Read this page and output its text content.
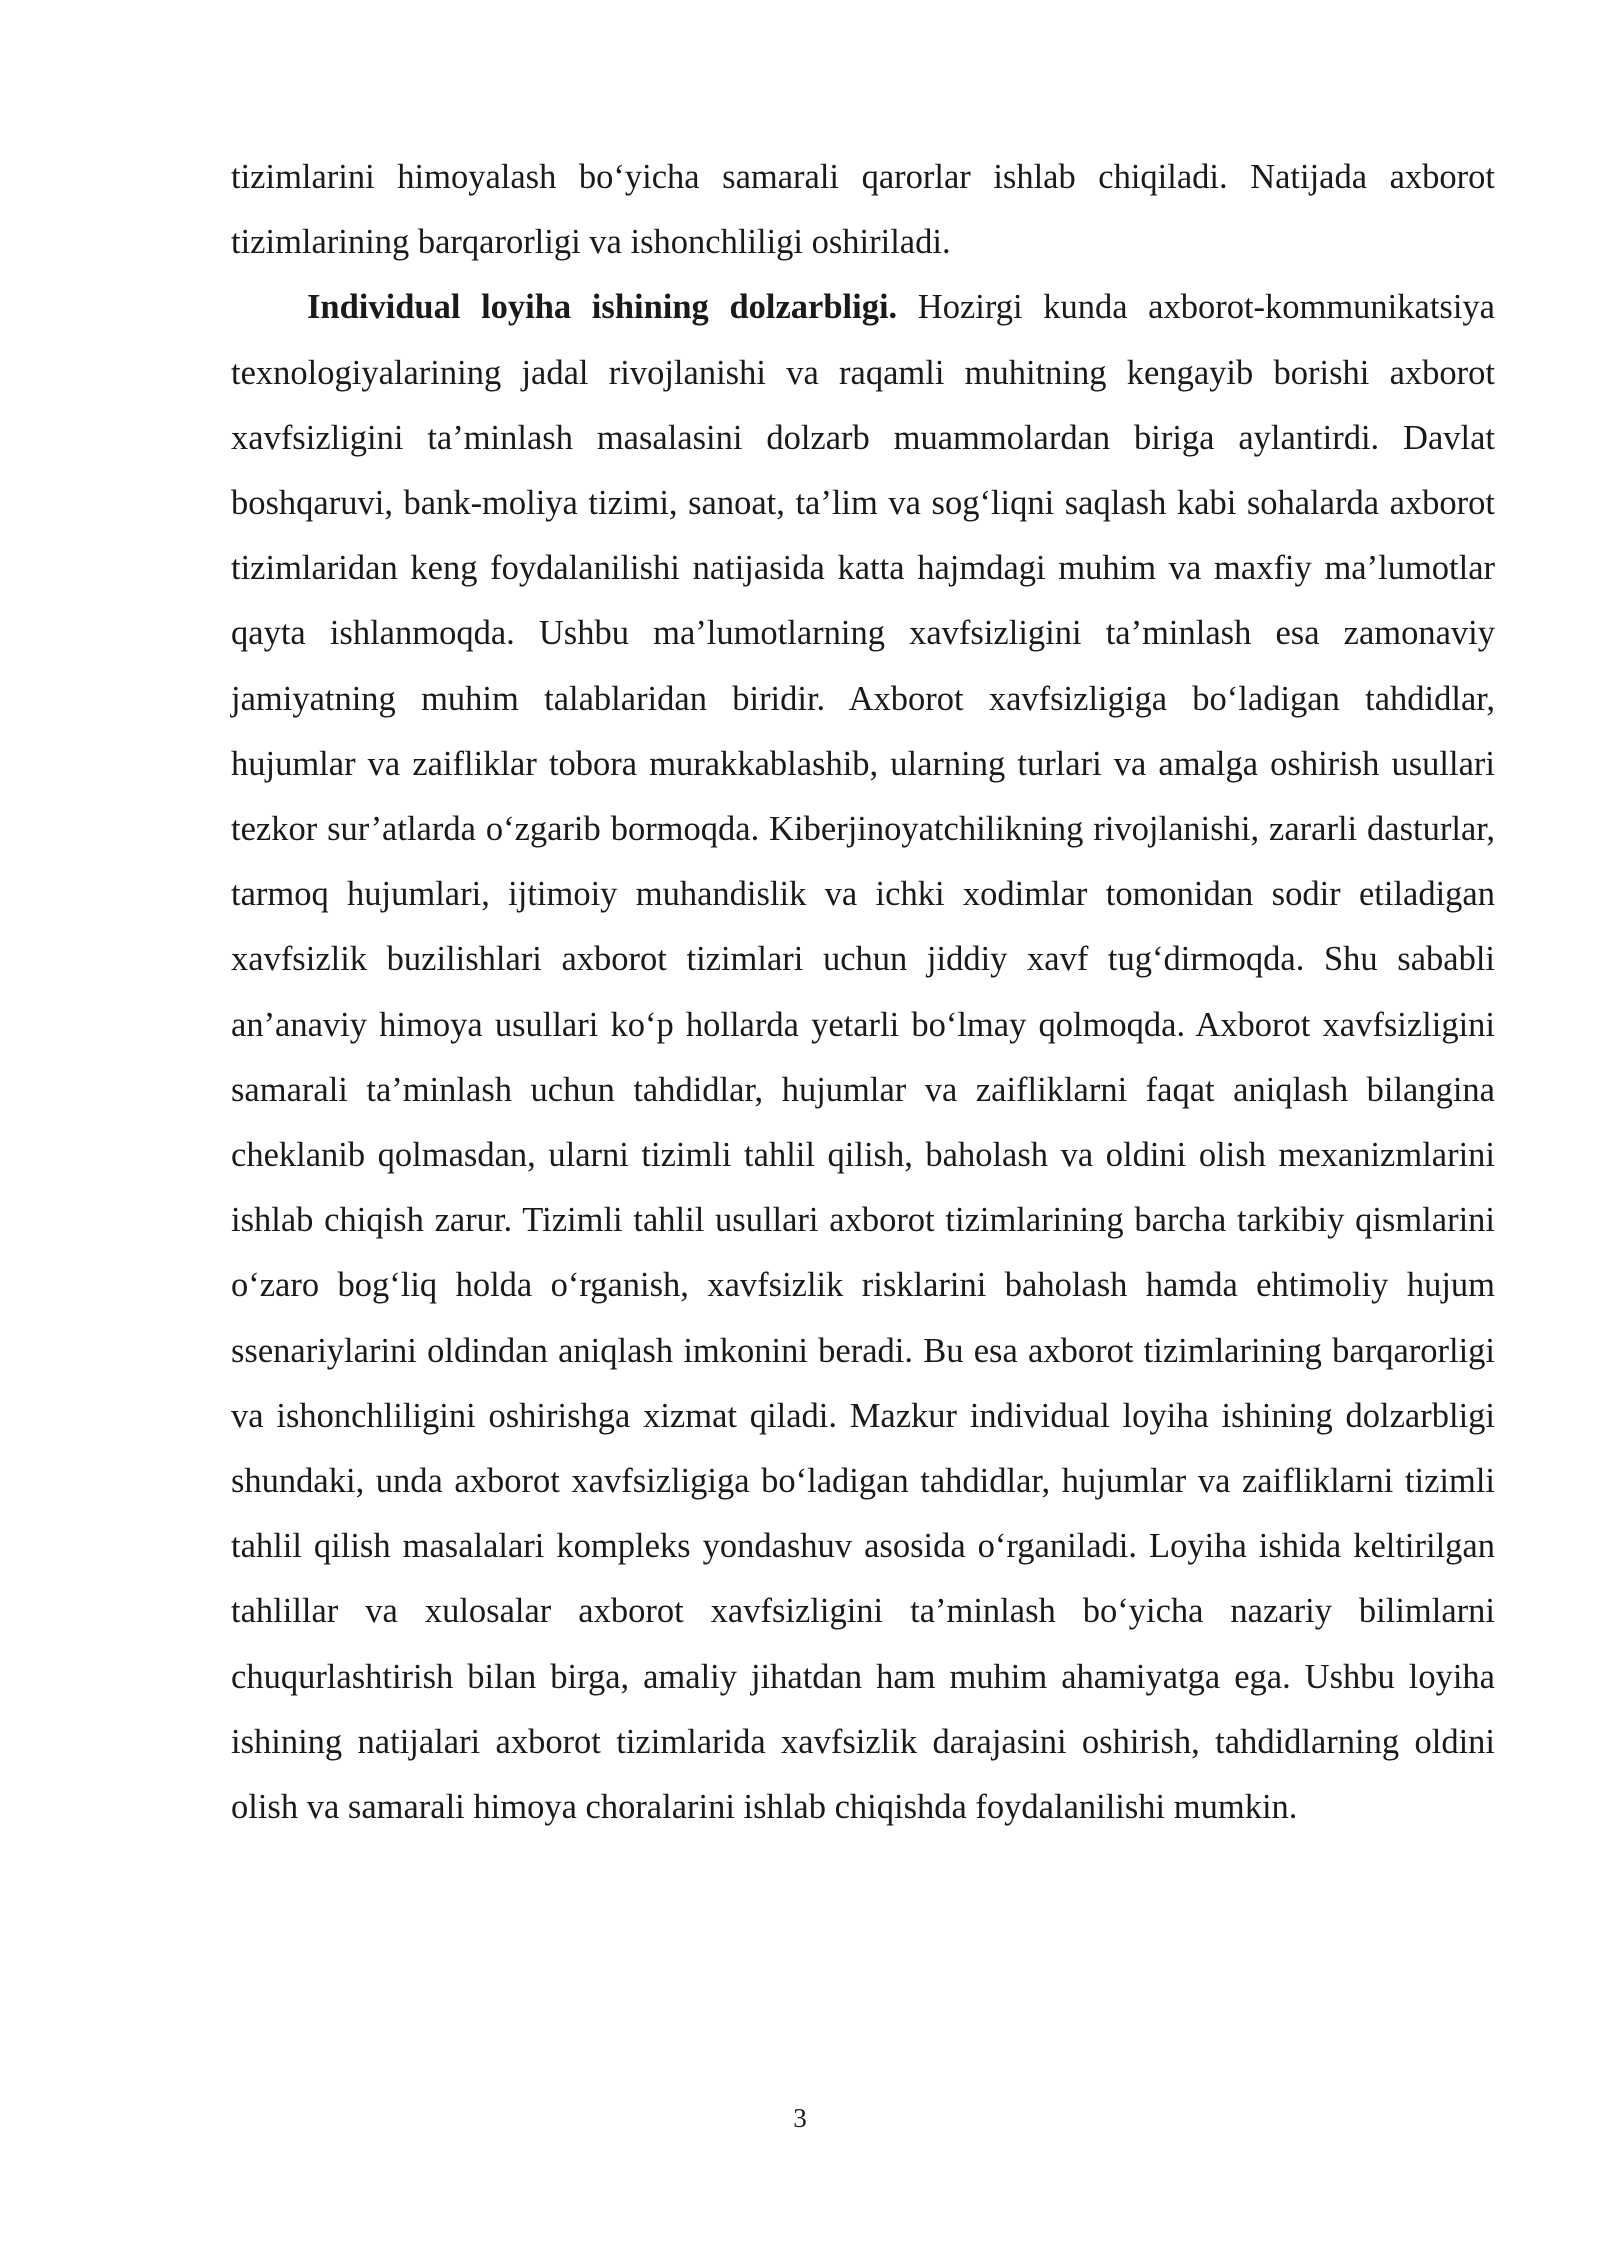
tizimlarini himoyalash bo‘yicha samarali qarorlar ishlab chiqiladi. Natijada axborot tizimlarining barqarorligi va ishonchliligi oshiriladi.

Individual loyiha ishining dolzarbligi. Hozirgi kunda axborot-kommunikatsiya texnologiyalarining jadal rivojlanishi va raqamli muhitning kengayib borishi axborot xavfsizligini ta’minlash masalasini dolzarb muammolardan biriga aylantirdi. Davlat boshqaruvi, bank-moliya tizimi, sanoat, ta’lim va sog‘liqni saqlash kabi sohalarda axborot tizimlaridan keng foydalanilishi natijasida katta hajmdagi muhim va maxfiy ma’lumotlar qayta ishlanmoqda. Ushbu ma’lumotlarning xavfsizligini ta’minlash esa zamonaviy jamiyatning muhim talablaridan biridir. Axborot xavfsizligiga bo‘ladigan tahdidlar, hujumlar va zaifliklar tobora murakkablashib, ularning turlari va amalga oshirish usullari tezkor sur’atlarda o‘zgarib bormoqda. Kiberjinoyatchilikning rivojlanishi, zararli dasturlar, tarmoq hujumlari, ijtimoiy muhandislik va ichki xodimlar tomonidan sodir etiladigan xavfsizlik buzilishlari axborot tizimlari uchun jiddiy xavf tug‘dirmoqda. Shu sababli an’anaviy himoya usullari ko‘p hollarda yetarli bo‘lmay qolmoqda. Axborot xavfsizligini samarali ta’minlash uchun tahdidlar, hujumlar va zaifliklarni faqat aniqlash bilangina cheklanib qolmasdan, ularni tizimli tahlil qilish, baholash va oldini olish mexanizmlarini ishlab chiqish zarur. Tizimli tahlil usullari axborot tizimlarining barcha tarkibiy qismlarini o‘zaro bog‘liq holda o‘rganish, xavfsizlik risklarini baholash hamda ehtimoliy hujum ssenariylarini oldindan aniqlash imkonini beradi. Bu esa axborot tizimlarining barqarorligi va ishonchliligini oshirishga xizmat qiladi. Mazkur individual loyiha ishining dolzarbligi shundaki, unda axborot xavfsizligiga bo‘ladigan tahdidlar, hujumlar va zaifliklarni tizimli tahlil qilish masalalari kompleks yondashuv asosida o‘rganiladi. Loyiha ishida keltirilgan tahlillar va xulosalar axborot xavfsizligini ta’minlash bo‘yicha nazariy bilimlarni chuqurlashtirish bilan birga, amaliy jihatdan ham muhim ahamiyatga ega. Ushbu loyiha ishining natijalari axborot tizimlarida xavfsizlik darajasini oshirish, tahdidlarning oldini olish va samarali himoya choralarini ishlab chiqishda foydalanilishi mumkin.

3
